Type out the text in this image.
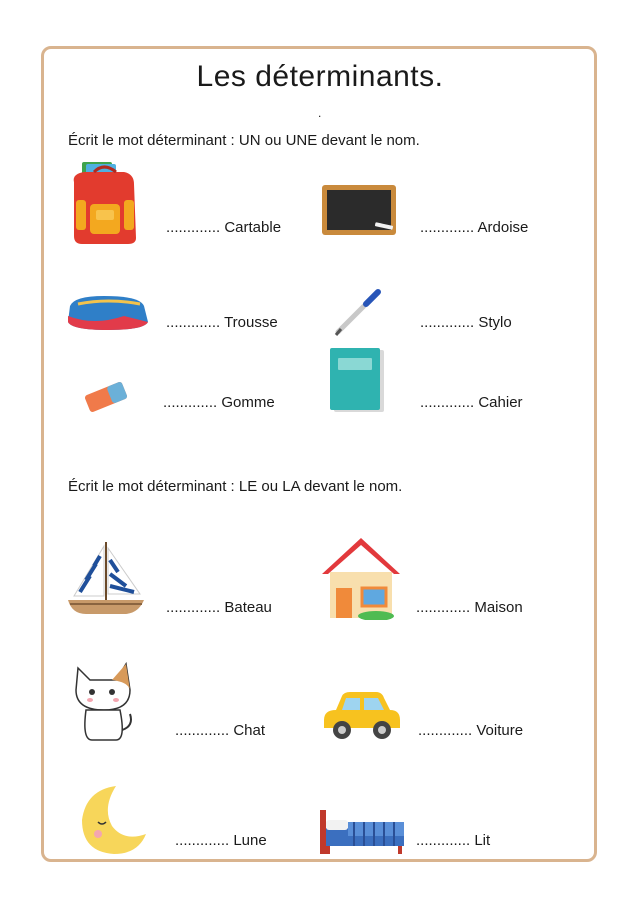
Les déterminants.
.
Écrit le mot déterminant : UN ou UNE devant le nom.
............. Cartable	............. Ardoise
............. Trousse	............. Stylo
............. Gomme	............. Cahier
Écrit le mot déterminant : LE ou LA devant le nom.
............. Bateau	............. Maison
............. Chat	............. Voiture
............. Lune	............. Lit
